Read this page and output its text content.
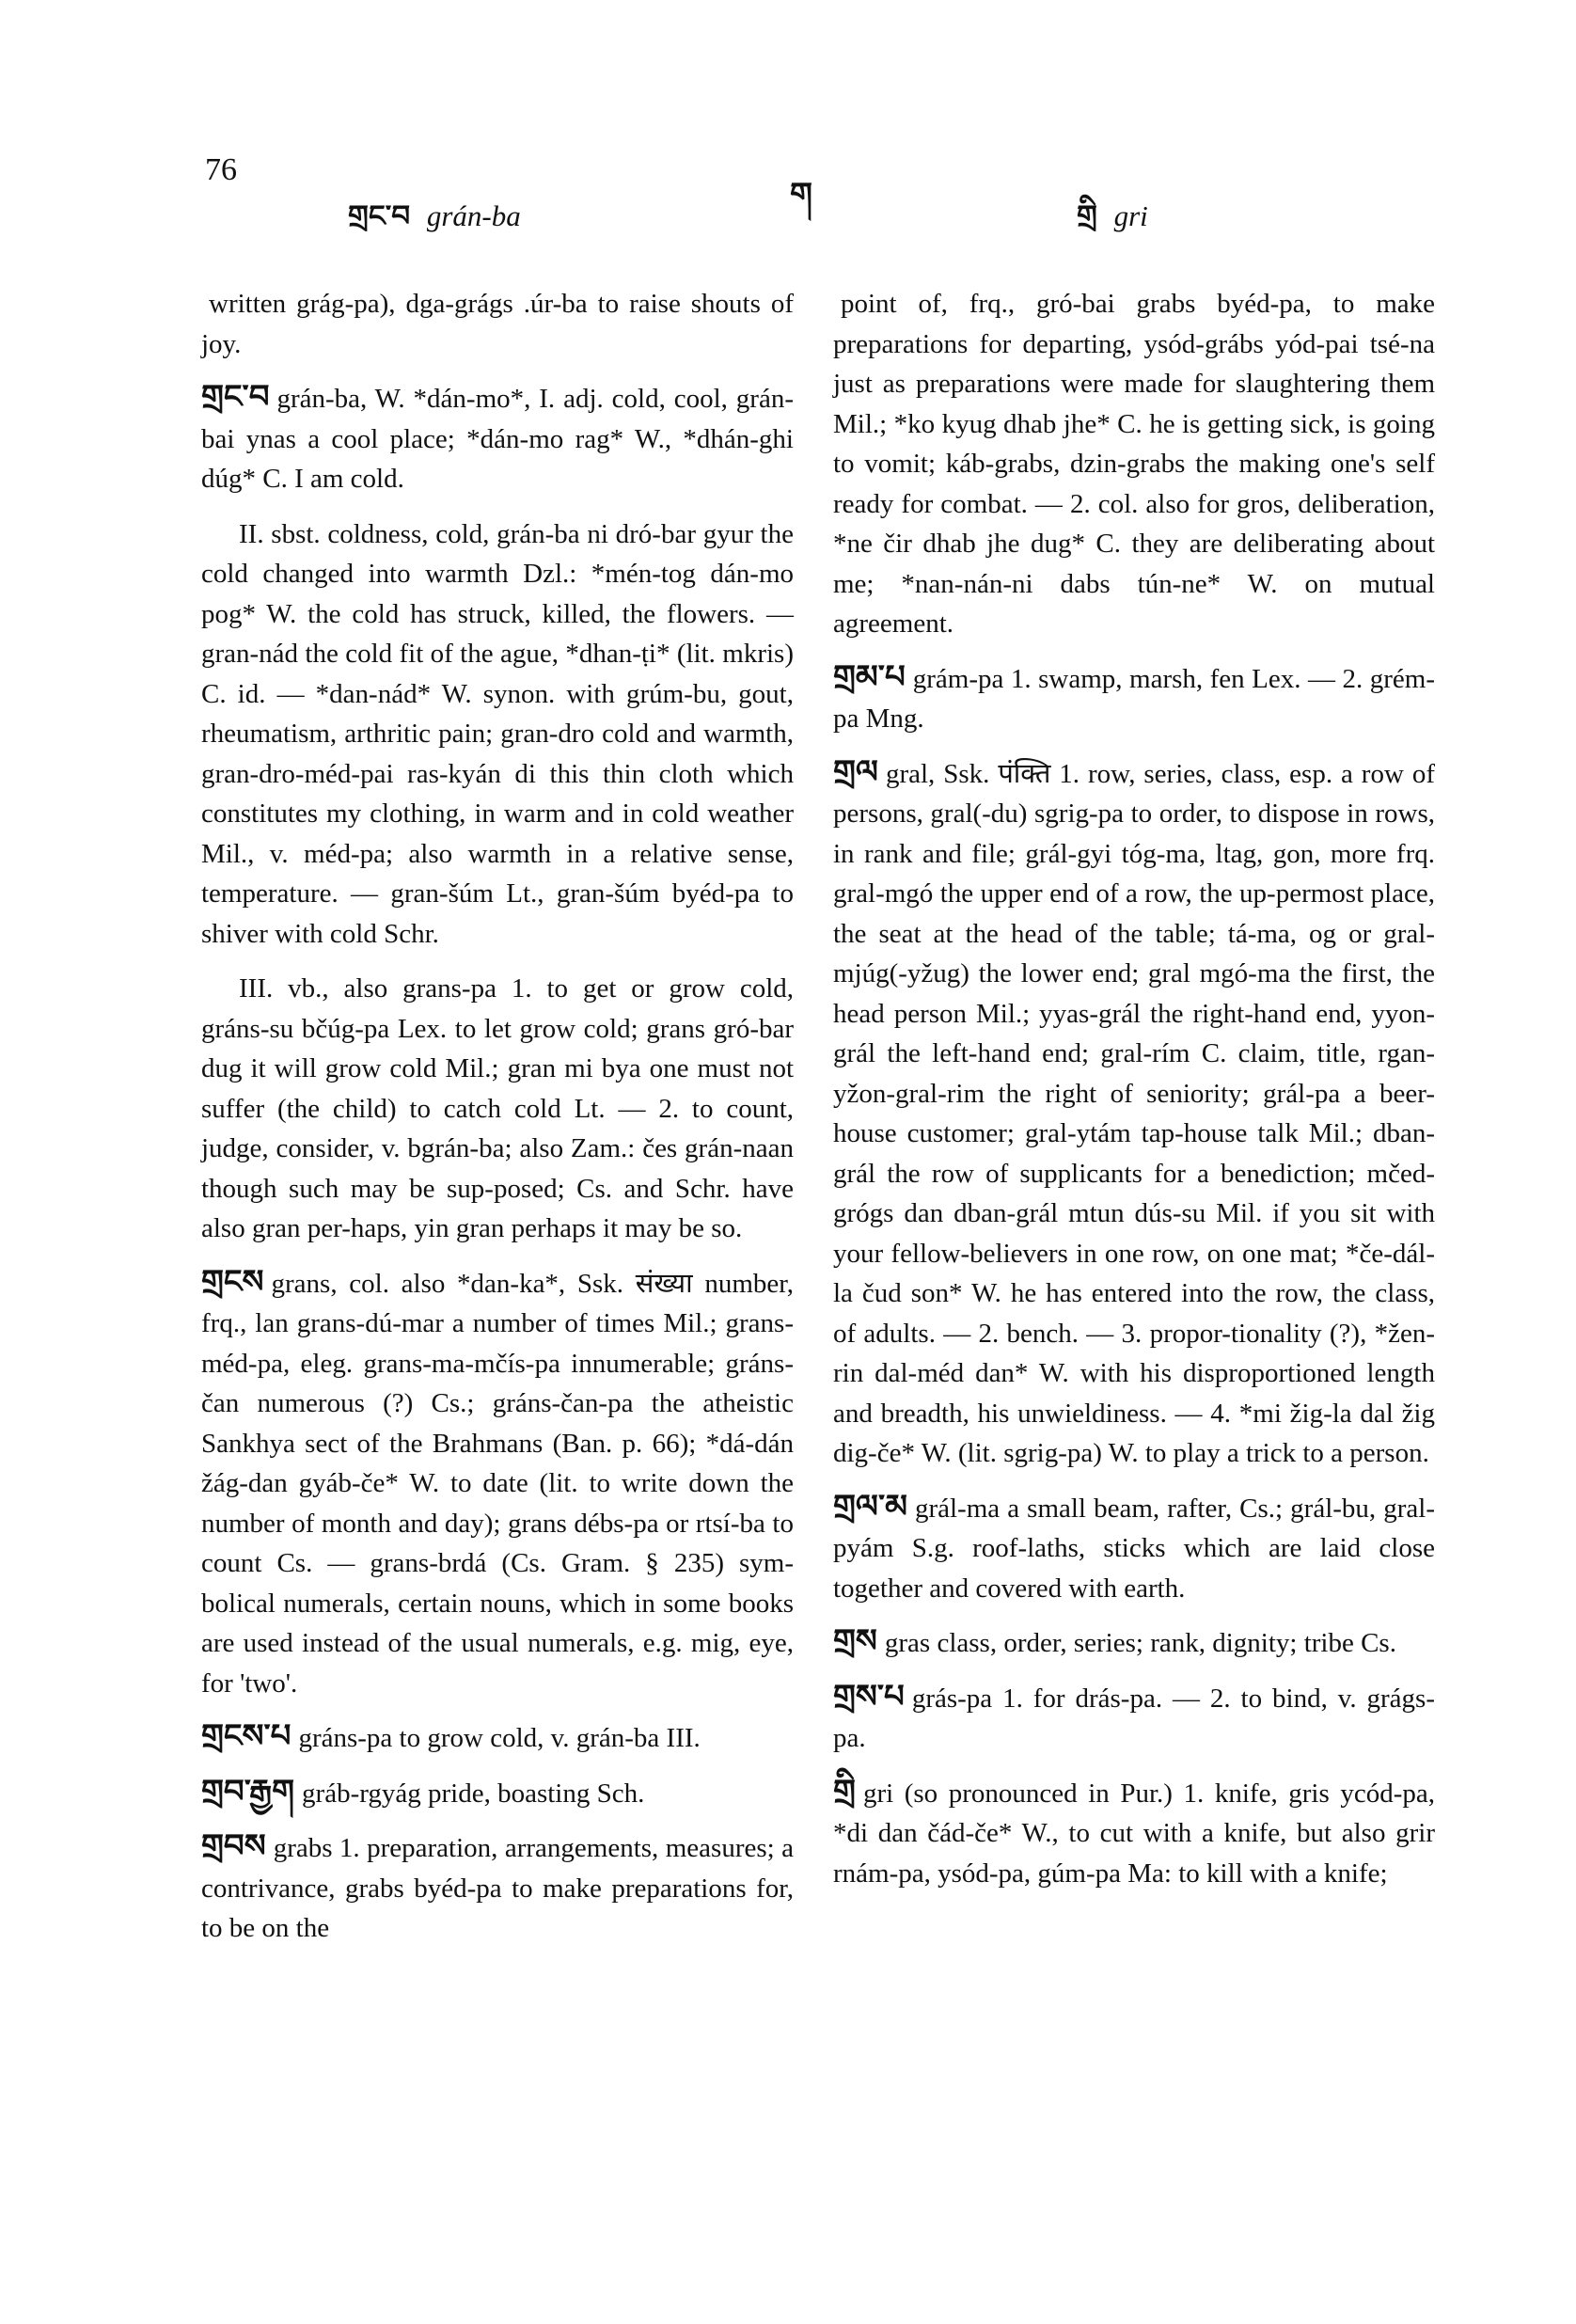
76
གྲང་བ grán-ba
ག
གྲི gri

written grág-pa), dga-grágs .úr-ba to raise shouts of joy.

གྲང་བ grán-ba, W. *dán-mo*, I. adj. cold, cool, grán-bai ynas a cool place; *dán-mo rag* W., *dhán-ghi dúg* C. I am cold.

II. sbst. coldness, cold, grán-ba ni dró-bar gyur the cold changed into warmth Dzl.: *mén-tog dán-mo pog* W. the cold has struck, killed, the flowers. — gran-nád the cold fit of the ague, *dhan-ṭi* (lit. mkris) C. id. — *dan-nád* W. synon. with grúm-bu, gout, rheumatism, arthritic pain; gran-dro cold and warmth, gran-dro-méd-pai ras-kyán di this thin cloth which constitutes my clothing, in warm and in cold weather Mil., v. méd-pa; also warmth in a relative sense, temperature. — gran-šúm Lt., gran-šúm byéd-pa to shiver with cold Schr.

III. vb., also grans-pa 1. to get or grow cold, gráns-su bčúg-pa Lex. to let grow cold; grans gró-bar dug it will grow cold Mil.; gran mi bya one must not suffer (the child) to catch cold Lt. — 2. to count, judge, consider, v. bgrán-ba; also Zam.: čes grán-naan though such may be sup-posed; Cs. and Schr. have also gran per-haps, yin gran perhaps it may be so.

གྲངས grans, col. also *dan-ka*, Ssk. संख्या number, frq., lan grans-dú-mar a number of times Mil.; grans-méd-pa, eleg. grans-ma-mčís-pa innumerable; gráns-čan numerous (?) Cs.; gráns-čan-pa the atheistic Sankhya sect of the Brahmans (Ban. p. 66); *dá-dán žág-dan gyáb-če* W. to date (lit. to write down the number of month and day); grans débs-pa or rtsí-ba to count Cs. — grans-brdá (Cs. Gram. § 235) sym-bolical numerals, certain nouns, which in some books are used instead of the usual numerals, e.g. mig, eye, for 'two'.

གྲངས་པ gráns-pa to grow cold, v. grán-ba III.

གྲབ་རྒྱག gráb-rgyág pride, boasting Sch.

གྲབས grabs 1. preparation, arrangements, measures; a contrivance, grabs byéd-pa to make preparations for, to be on the

point of, frq., gró-bai grabs byéd-pa, to make preparations for departing, ysód-grábs yód-pai tsé-na just as preparations were made for slaughtering them Mil.; *ko kyug dhab jhe* C. he is getting sick, is going to vomit; káb-grabs, dzin-grabs the making one's self ready for combat. — 2. col. also for gros, deliberation, *ne čir dhab jhe dug* C. they are deliberating about me; *nan-nán-ni dabs tún-ne* W. on mutual agreement.

གྲམ་པ grám-pa 1. swamp, marsh, fen Lex. — 2. grém-pa Mng.

གྲལ gral, Ssk. पंक्ति 1. row, series, class, esp. a row of persons, gral(-du) sgrig-pa to order, to dispose in rows, in rank and file; grál-gyi tóg-ma, ltag, gon, more frq. gral-mgó the upper end of a row, the up-permost place, the seat at the head of the table; tá-ma, og or gral-mjúg(-yžug) the lower end; gral mgó-ma the first, the head person Mil.; yyas-grál the right-hand end, yyon-grál the left-hand end; gral-rím C. claim, title, rgan-yžon-gral-rim the right of seniority; grál-pa a beer-house customer; gral-ytám tap-house talk Mil.; dban-grál the row of supplicants for a benediction; mčed-grógs dan dban-grál mtun dús-su Mil. if you sit with your fellow-believers in one row, on one mat; *če-dál-la čud son* W. he has entered into the row, the class, of adults. — 2. bench. — 3. propor-tionality (?), *žen-rin dal-méd dan* W. with his disproportioned length and breadth, his unwieldiness. — 4. *mi žig-la dal žig dig-če* W. (lit. sgrig-pa) W. to play a trick to a person.

གྲལ་མ grál-ma a small beam, rafter, Cs.; grál-bu, gral-pyám S.g. roof-laths, sticks which are laid close together and covered with earth.

གྲས gras class, order, series; rank, dignity; tribe Cs.

གྲས་པ grás-pa 1. for drás-pa. — 2. to bind, v. grágs-pa.

གྲི gri (so pronounced in Pur.) 1. knife, gris ycód-pa, *di dan čád-če* W., to cut with a knife, but also grir rnám-pa, ysód-pa, gúm-pa Ma: to kill with a knife;
